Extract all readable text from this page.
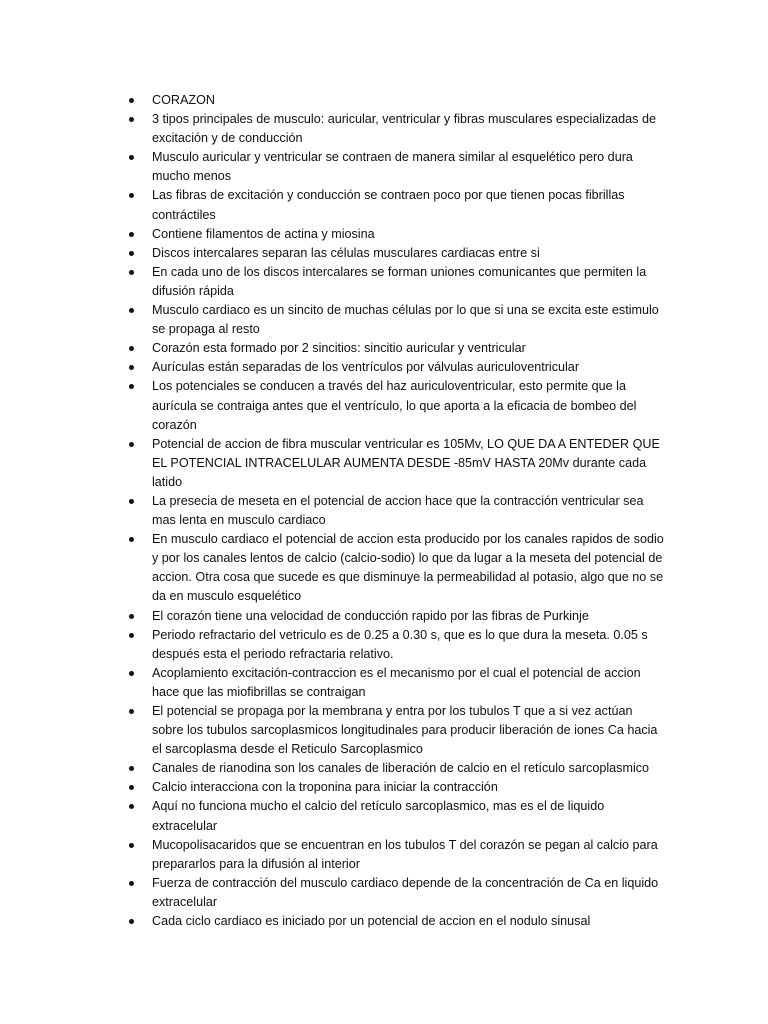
CORAZON
3 tipos principales de musculo: auricular, ventricular y fibras musculares especializadas de excitación y de conducción
Musculo auricular y ventricular se contraen de manera similar al esquelético pero dura mucho menos
Las fibras de excitación y conducción se contraen poco por que tienen pocas fibrillas contráctiles
Contiene filamentos de actina y miosina
Discos intercalares separan las células musculares cardiacas entre si
En cada uno de los discos intercalares se forman uniones comunicantes que permiten la difusión rápida
Musculo cardiaco es un sincito de muchas células por lo que si una se excita este estimulo se propaga al resto
Corazón esta formado por 2 sincitios: sincitio auricular y ventricular
Aurículas están separadas de los ventrículos por válvulas auriculoventricular
Los potenciales se conducen a través del haz auriculoventricular, esto permite que la aurícula se contraiga antes que el ventrículo, lo que aporta a la eficacia de bombeo del corazón
Potencial de accion de fibra muscular ventricular es 105Mv, LO QUE DA A ENTEDER QUE EL POTENCIAL INTRACELULAR AUMENTA DESDE -85mV HASTA 20Mv durante cada latido
La presecia de meseta en el potencial de accion hace que la contracción ventricular sea mas lenta en musculo cardiaco
En musculo cardiaco el potencial de accion esta producido por los canales rapidos de sodio y por los canales lentos de calcio (calcio-sodio) lo que da lugar a la meseta del potencial de accion. Otra cosa que sucede es que disminuye la permeabilidad al potasio, algo que no se da en musculo esquelético
El corazón tiene una velocidad de conducción rapido por las fibras de Purkinje
Periodo refractario del vetriculo es de 0.25 a 0.30 s, que es lo que dura la meseta. 0.05 s después esta el periodo refractaria relativo.
Acoplamiento excitación-contraccion es el mecanismo por el cual el potencial de accion hace que las miofibrillas se contraigan
El potencial se propaga por la membrana y entra por los tubulos T que a si vez actúan sobre los tubulos sarcoplasmicos longitudinales para producir liberación de iones Ca hacia el sarcoplasma desde el Reticulo Sarcoplasmico
Canales de rianodina son los canales de liberación de calcio en el retículo sarcoplasmico
Calcio interacciona con la troponina para iniciar la contracción
Aquí no funciona mucho el calcio del retículo sarcoplasmico, mas es el de liquido extracelular
Mucopolisacaridos que se encuentran en los tubulos T del corazón se pegan al calcio para prepararlos para la difusión al interior
Fuerza de contracción del musculo cardiaco depende de la concentración de Ca en liquido extracelular
Cada ciclo cardiaco es iniciado por un potencial de accion en el nodulo sinusal
